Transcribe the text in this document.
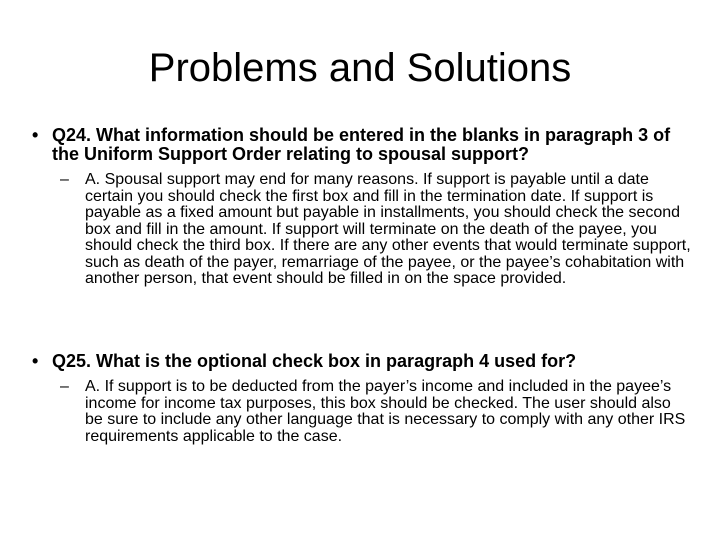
Problems and Solutions
• Q24. What information should be entered in the blanks in paragraph 3 of the Uniform Support Order relating to spousal support?
– A. Spousal support may end for many reasons. If support is payable until a date certain you should check the first box and fill in the termination date. If support is payable as a fixed amount but payable in installments, you should check the second box and fill in the amount. If support will terminate on the death of the payee, you should check the third box. If there are any other events that would terminate support, such as death of the payer, remarriage of the payee, or the payee’s cohabitation with another person, that event should be filled in on the space provided.
• Q25. What is the optional check box in paragraph 4 used for?
– A. If support is to be deducted from the payer’s income and included in the payee’s income for income tax purposes, this box should be checked. The user should also be sure to include any other language that is necessary to comply with any other IRS requirements applicable to the case.
